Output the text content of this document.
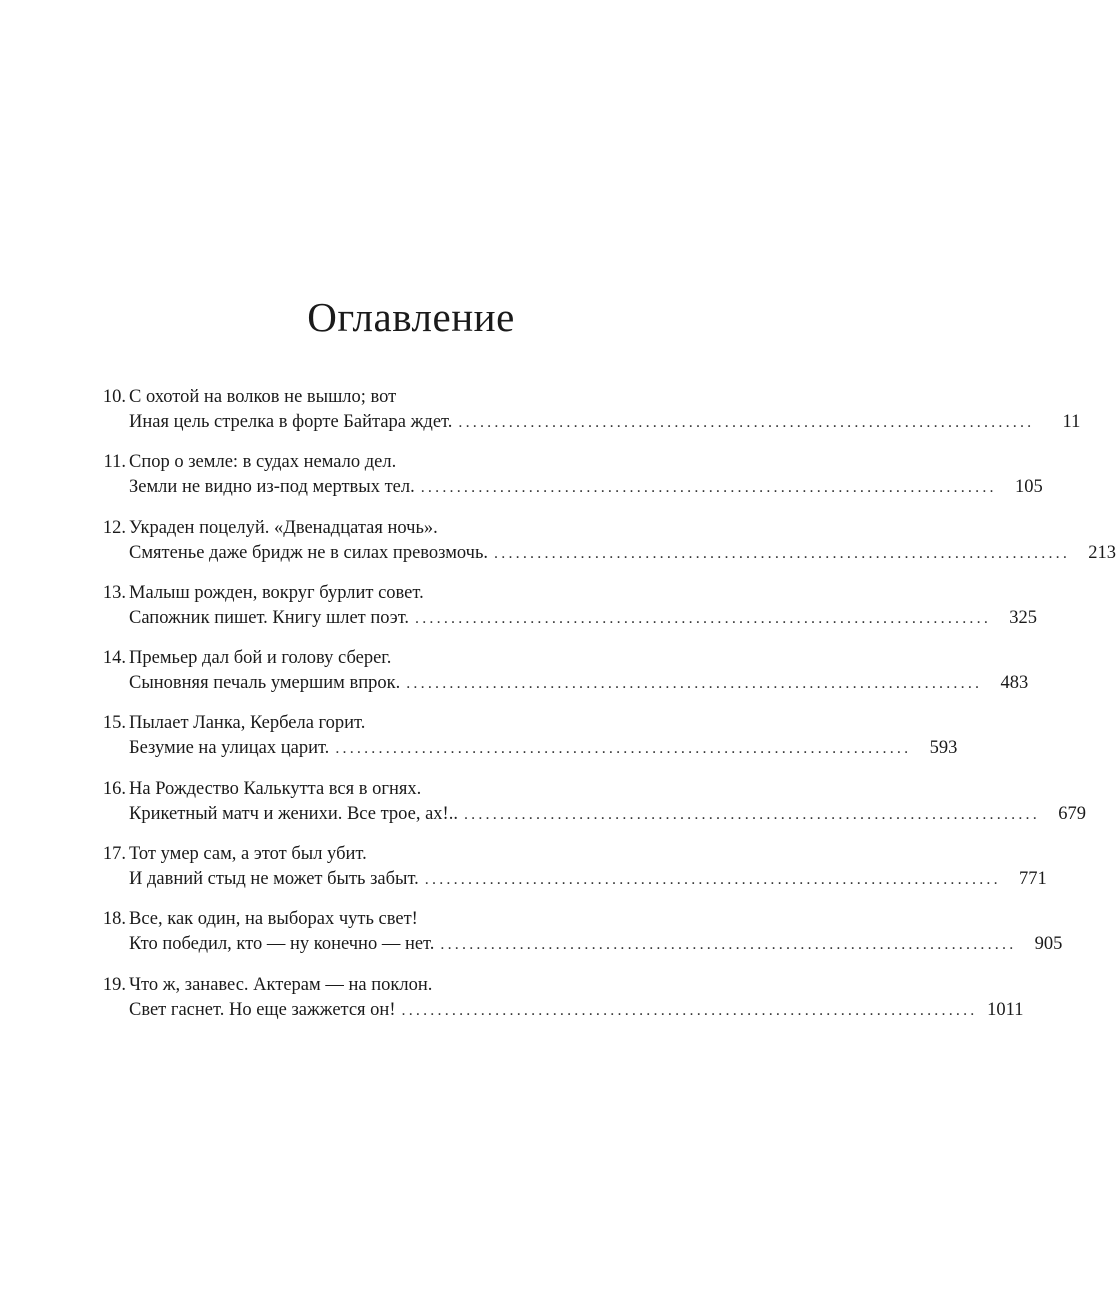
Оглавление
10. С охотой на волков не вышло; вот
Иная цель стрелка в форте Байтара ждет. ................................................................................	11
11. Спор о земле: в судах немало дел.
Земли не видно из-под мертвых тел. ................................................................................ 105
12. Украден поцелуй. «Двенадцатая ночь».
Смятенье даже бридж не в силах превозмочь. ................................................................................ 213
13. Малыш рожден, вокруг бурлит совет.
Сапожник пишет. Книгу шлет поэт. ................................................................................ 325
14. Премьер дал бой и голову сберег.
Сыновняя печаль умершим впрок. ................................................................................ 483
15. Пылает Ланка, Кербела горит.
Безумие на улицах царит. ................................................................................ 593
16. На Рождество Калькутта вся в огнях.
Крикетный матч и женихи. Все трое, ах!.. ................................................................................ 679
17. Тот умер сам, а этот был убит.
И давний стыд не может быть забыт. ................................................................................ 771
18. Все, как один, на выборах чуть свет!
Кто победил, кто — ну конечно — нет. ................................................................................ 905
19. Что ж, занавес. Актерам — на поклон.
Свет гаснет. Но еще зажжется он! ................................................................................ 1011
